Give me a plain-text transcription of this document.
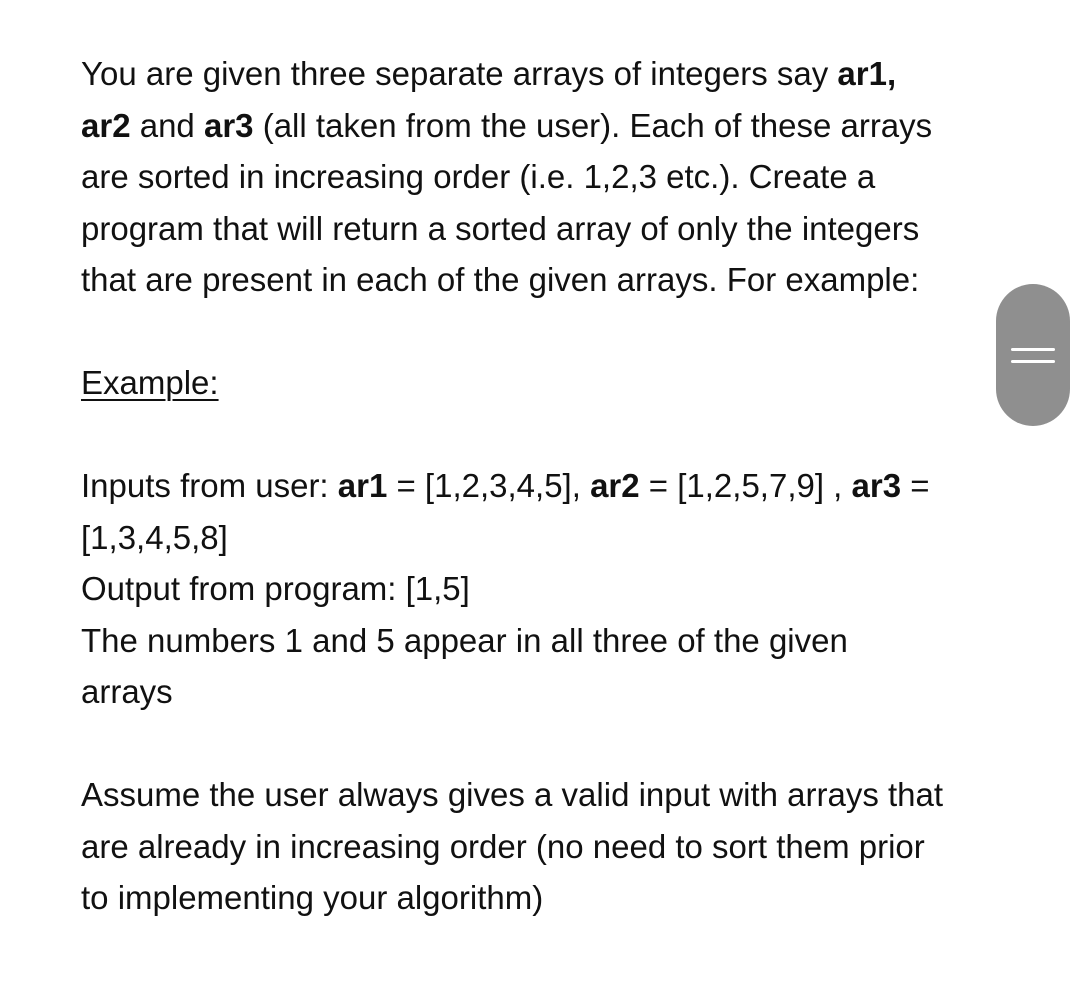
You are given three separate arrays of integers say ar1,
ar2 and ar3 (all taken from the user). Each of these arrays
are sorted in increasing order (i.e. 1,2,3 etc.). Create a
program that will return a sorted array of only the integers
that are present in each of the given arrays. For example:
Example:
Inputs from user: ar1 = [1,2,3,4,5], ar2 = [1,2,5,7,9] , ar3 =
[1,3,4,5,8]
Output from program: [1,5]
The numbers 1 and 5 appear in all three of the given
arrays
Assume the user always gives a valid input with arrays that
are already in increasing order (no need to sort them prior
to implementing your algorithm)
